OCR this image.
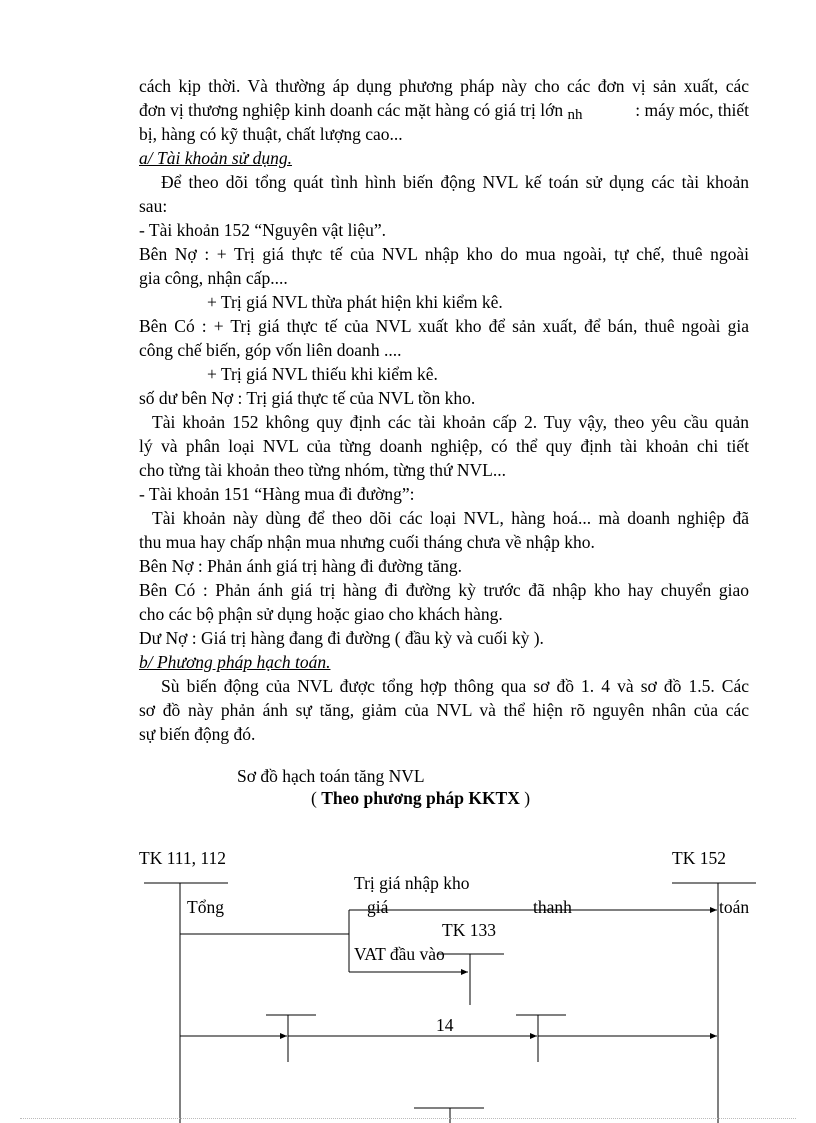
cách kịp thời. Và thường áp dụng phương pháp này cho các đơn vị sản xuất, các
đơn vị thương nghiệp kinh doanh các mặt hàng có giá trị lớn nh	: máy móc, thiết
bị, hàng có kỹ thuật, chất lượng cao...
a/ Tài khoản sử dụng.
Để theo dõi tổng quát tình hình biến động NVL kế toán sử dụng các tài khoản
sau:
- Tài khoản 152 “Nguyên vật liệu”.
Bên Nợ : + Trị giá thực tế của NVL nhập kho do mua ngoài, tự chế, thuê ngoài
gia công, nhận cấp....
+ Trị giá NVL thừa phát hiện khi kiểm kê.
Bên Có : + Trị giá thực tế của NVL xuất kho để sản xuất, để bán, thuê ngoài gia
công chế biến, góp vốn liên doanh ....
+ Trị giá NVL thiếu khi kiểm kê.
số dư bên Nợ : Trị giá thực tế của NVL tồn kho.
Tài khoản 152 không quy định các tài khoản cấp 2. Tuy vậy, theo yêu cầu quản
lý và phân loại NVL của từng doanh nghiệp, có thể quy định tài khoản chi tiết
cho từng tài khoản theo từng nhóm, từng thứ NVL...
- Tài khoản 151 “Hàng mua đi đường”:
Tài khoản này dùng để theo dõi các loại NVL, hàng hoá... mà doanh nghiệp đã
thu mua hay chấp nhận mua nhưng cuối tháng chưa về nhập kho.
Bên Nợ : Phản ánh giá trị hàng đi đường tăng.
Bên Có : Phản ánh giá trị hàng đi đường kỳ trước đã nhập kho hay chuyển giao
cho các bộ phận sử dụng hoặc giao cho khách hàng.
Dư Nợ : Giá trị hàng đang đi đường ( đầu kỳ và cuối kỳ ).
b/ Phương pháp hạch toán.
Sù biến động của NVL được tổng hợp thông qua sơ đồ 1. 4 và sơ đồ 1.5. Các
sơ đồ này phản ánh sự tăng, giảm của NVL và thể hiện rõ nguyên nhân của các
sự biến động đó.
Sơ đồ hạch toán tăng NVL
( Theo phương pháp KKTX )
TK 111, 112	TK 152
Trị giá nhập kho
Tổng	giá	thanh	toán
TK 133
VAT đầu vào
14
